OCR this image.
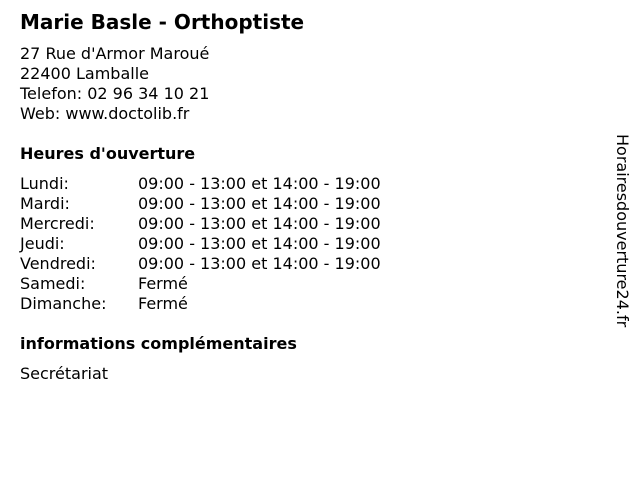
Marie Basle - Orthoptiste
27 Rue d'Armor Maroué
22400 Lamballe
Telefon: 02 96 34 10 21
Web: www.doctolib.fr
Heures d'ouverture
Lundi:	09:00 - 13:00 et 14:00 - 19:00
Mardi:	09:00 - 13:00 et 14:00 - 19:00
Mercredi:	09:00 - 13:00 et 14:00 - 19:00
Jeudi:	09:00 - 13:00 et 14:00 - 19:00
Vendredi:	09:00 - 13:00 et 14:00 - 19:00
Samedi:	Fermé
Dimanche: Fermé
informations complémentaires
Secrétariat
Horairesdouverture24.fr
